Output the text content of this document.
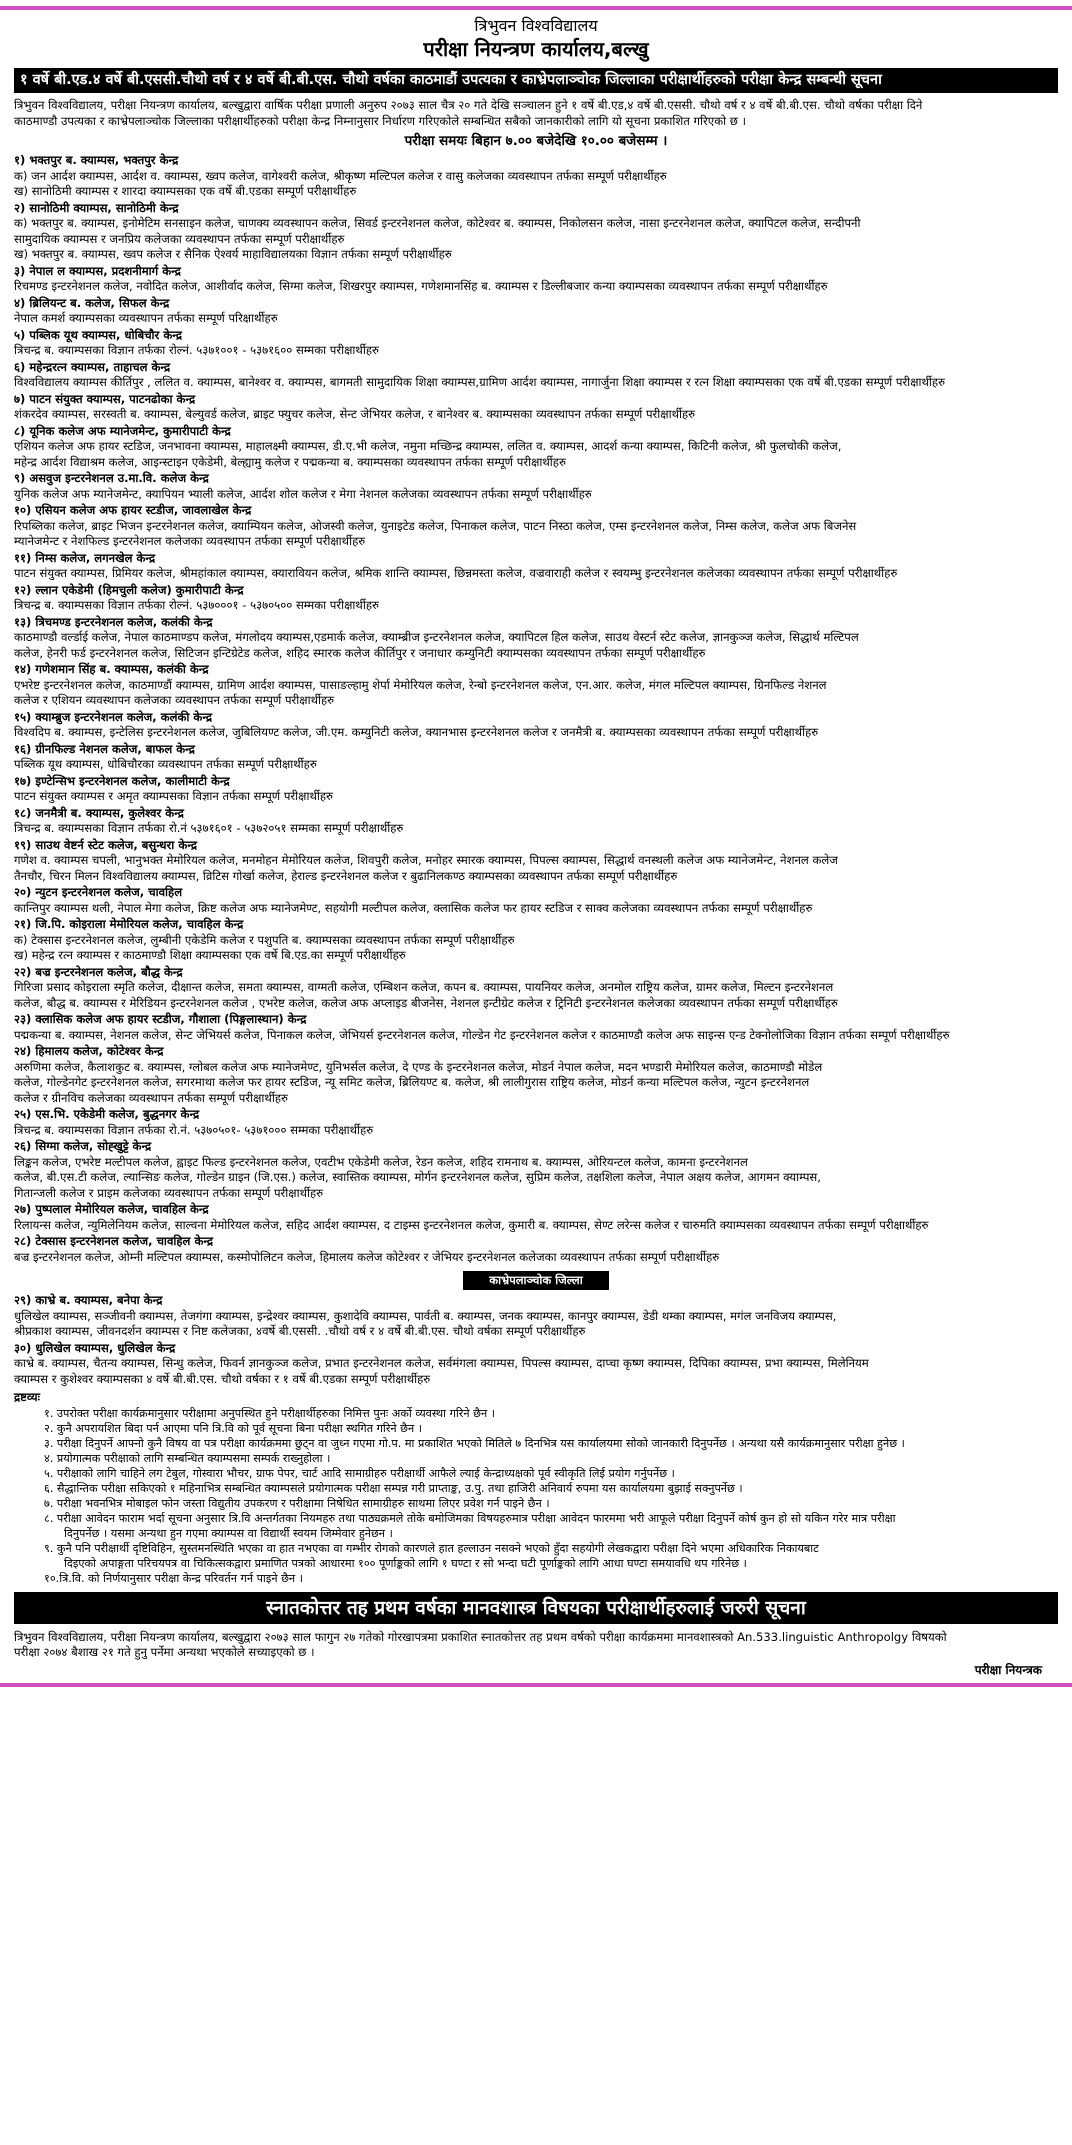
त्रिभुवन विश्वविद्यालय
परीक्षा नियन्त्रण कार्यालय,बल्खु
१ वर्षे बी.एड.४ वर्षे बी.एससी.चौथो वर्ष र ४ वर्षे बी.बी.एस. चौथो वर्षका काठमाडौं उपत्यका र काभ्रेपलाञ्चोक जिल्लाका परीक्षार्थीहरुको परीक्षा केन्द्र सम्बन्धी सूचना
त्रिभुवन विश्वविद्यालय, परीक्षा नियन्त्रण कार्यालय, बल्खुद्वारा वार्षिक परीक्षा प्रणाली अनुरुप २०७३ साल चैत्र २० गते देखि सञ्चालन हुने १ वर्षे बी.एड,४ वर्षे बी.एससी. चौथो वर्ष र ४ वर्षे बी.बी.एस. चौथो वर्षका परीक्षा दिने
काठमाण्डौ उपत्यका र काभ्रेपलाञ्चोक जिल्लाका परीक्षार्थीहरुको परीक्षा केन्द्र निम्नानुसार निर्धारण गरिएकोले सम्बन्धित सबैको जानकारीको लागि यो सूचना प्रकाशित गरिएको छ ।
परीक्षा समयः बिहान ७.०० बजेदेखि १०.०० बजेसम्म ।
१) भक्तपुर ब. क्याम्पस, भक्तपुर केन्द्र
क) जन आर्दश क्याम्पस, आर्दश व. क्याम्पस, ख्वप कलेज, वागेश्वरी कलेज, श्रीकृष्ण मल्टिपल कलेज र वासु कलेजका व्यवस्थापन तर्फका सम्पूर्ण परीक्षार्थीहरु
ख) सानोठिमी क्याम्पस र शारदा क्याम्पसका एक वर्षे बी.एडका सम्पूर्ण परीक्षार्थीहरु
२) सानोठिमी क्याम्पस, सानोठिमी केन्द्र
क) भक्तपुर ब. क्याम्पस, इनोमेटिम सनसाइन कलेज, चाणक्य व्यवस्थापन कलेज, सिवर्ड इन्टरनेशनल कलेज, कोटेश्वर ब. क्याम्पस, निकोलसन कलेज, नासा इन्टरनेशनल कलेज, क्यापिटल कलेज, सन्दीपनी
सामुदायिक क्याम्पस र जनप्रिय कलेजका व्यवस्थापन तर्फका सम्पूर्ण परीक्षार्थीहरु
ख) भक्तपुर ब. क्याम्पस, ख्वप कलेज र सैनिक ऐश्वर्य माहाविद्यालयका विज्ञान तर्फका सम्पूर्ण परीक्षार्थीहरु
३) नेपाल ल क्याम्पस, प्रदशनीमार्ग केन्द्र
रिचमण्ड इन्टरनेशनल कलेज, नवोदित कलेज, आशीर्वाद कलेज, सिग्मा कलेज, शिखरपुर क्याम्पस, गणेशमानसिंह ब. क्याम्पस र डिल्लीबजार कन्या क्याम्पसका व्यवस्थापन तर्फका सम्पूर्ण परीक्षार्थीहरु
४) ब्रिलियन्ट ब. कलेज, सिफल केन्द्र
नेपाल कमर्श क्याम्पसका व्यवस्थापन तर्फका सम्पूर्ण परिक्षार्थीहरु
५) पब्लिक यूथ क्याम्पस, धोबिचौर केन्द्र
त्रिचन्द्र ब. क्याम्पसका विज्ञान तर्फका रोल्नं. ५३७१००१ - ५३७१६०० सम्मका परीक्षार्थीहरु
६) महेन्द्ररत्न क्याम्पस, ताहाचल केन्द्र
विश्वविद्यालय क्याम्पस कीर्तिपुर , ललित व. क्याम्पस, बानेश्वर व. क्याम्पस, बागमती सामुदायिक शिक्षा क्याम्पस,ग्रामिण आर्दश क्याम्पस, नागार्जुना शिक्षा क्याम्पस र रत्न शिक्षा क्याम्पसका एक वर्षे बी.एडका सम्पूर्ण परीक्षार्थीहरु
७) पाटन संयुक्त क्याम्पस, पाटनढोका केन्द्र
शंकरदेव क्याम्पस, सरस्वती ब. क्याम्पस, बेल्युवर्ड कलेज, ब्राइट फ्युचर कलेज, सेन्ट जेभियर कलेज, र बानेश्वर ब. क्याम्पसका व्यवस्थापन तर्फका सम्पूर्ण परीक्षार्थीहरु
८) यूनिक कलेज अफ म्यानेजमेन्ट, कुमारीपाटी केन्द्र
एशियन कलेज अफ हायर स्टडिज, जनभावना क्याम्पस, माहालक्ष्मी क्याम्पस, डी.ए.भी कलेज, नमुना मच्छिन्द्र क्याम्पस, ललित व. क्याम्पस, आदर्श कन्या क्याम्पस, किटिनी कलेज, श्री फुलचोकी कलेज,
महेन्द्र आर्दश विद्याश्रम कलेज, आइन्स्टाइन एकेडेमी, बेल्ह्यामु कलेज र पद्मकन्या ब. क्याम्पसका व्यवस्थापन तर्फका सम्पूर्ण परीक्षार्थीहरु
९) असवुज इन्टरनेशनल उ.मा.वि. कलेज केन्द्र
युनिक कलेज अफ म्यानेजमेन्ट, क्यापियन भ्याली कलेज, आर्दश शोल कलेज र मेगा नेशनल कलेजका व्यवस्थापन तर्फका सम्पूर्ण परीक्षार्थीहरु
१०) एसियन कलेज अफ हायर स्टडीज, जावलाखेल केन्द्र
रिपब्लिका कलेज, ब्राइट भिजन इन्टरनेशनल कलेज, क्याम्पियन कलेज, ओजस्वी कलेज, युनाइटेड कलेज, पिनाकल कलेज, पाटन निस्ठा कलेज, एम्स इन्टरनेशनल कलेज, निम्स कलेज, कलेज अफ बिजनेस
म्यानेजमेन्ट र नेशफिल्ड इन्टरनेशनल कलेजका व्यवस्थापन तर्फका सम्पूर्ण परीक्षार्थीहरु
११) निम्स कलेज, लगनखेल केन्द्र
पाटन संयुक्त क्याम्पस, प्रिमियर कलेज, श्रीमहांकाल क्याम्पस, क्यारावियन कलेज, श्रमिक शान्ति क्याम्पस, छिन्नमस्ता कलेज, वज्रवाराही कलेज र स्वयम्भु इन्टरनेशनल कलेजका व्यवस्थापन तर्फका सम्पूर्ण परीक्षार्थीहरु
१२) ल्लान एकेडेमी (हिमचुली कलेज) कुमारीपाटी केन्द्र
त्रिचन्द्र ब. क्याम्पसका विज्ञान तर्फका रोल्नं. ५३७०००१ - ५३७०५०० सम्मका परीक्षार्थीहरु
१३) त्रिचमण्ड इन्टरनेशनल कलेज, कलंकी केन्द्र
काठमाण्डौ वर्ल्डाई कलेज, नेपाल काठमाण्डप कलेज, मंगलोदय क्याम्पस,एडमार्क कलेज, क्याम्ब्रीज इन्टरनेशनल कलेज, क्यापिटल हिल कलेज, साउथ वेस्टर्न स्टेट कलेज, ज्ञानकुञ्ज कलेज, सिद्धार्थ मल्टिपल
कलेज, हेनरी फर्ड इन्टरनेशनल कलेज, सिटिजन इन्टिग्रेटेड कलेज, शहिद स्मारक कलेज कीर्तिपुर र जनाधार कम्युनिटी क्याम्पसका व्यवस्थापन तर्फका सम्पूर्ण परीक्षार्थीहरु
१४) गणेशमान सिंह ब. क्याम्पस, कलंकी केन्द्र
एभरेष्ट इन्टरनेशनल कलेज, काठमाण्डौं क्याम्पस, ग्रामिण आर्दश क्याम्पस, पासाङल्हामु शेर्पा मेमोरियल कलेज, रेन्बो इन्टरनेशनल कलेज, एन.आर. कलेज, मंगल मल्टिपल क्याम्पस, ग्रिनफिल्ड नेशनल
कलेज र एशियन व्यवस्थापन कलेजका व्यवस्थापन तर्फका सम्पूर्ण परीक्षार्थीहरु
१५) क्याम्ब्रुज इन्टरनेशनल कलेज, कलंकी केन्द्र
विश्वदिप ब. क्याम्पस, इन्टेलिस इन्टरनेशनल कलेज, जुबिलियण्ट कलेज, जी.एम. कम्युनिटी कलेज, क्यानभास इन्टरनेशनल कलेज र जनमैत्री ब. क्याम्पसका व्यवस्थापन तर्फका सम्पूर्ण परीक्षार्थीहरु
१६) ग्रीनफिल्ड नेशनल कलेज, बाफल केन्द्र
पब्लिक यूथ क्याम्पस, धोबिचौरका व्यवस्थापन तर्फका सम्पूर्ण परीक्षार्थीहरु
१७) इण्टेन्सिभ इन्टरनेशनल कलेज, कालीमाटी केन्द्र
पाटन संयुक्त क्याम्पस र अमृत क्याम्पसका विज्ञान तर्फका सम्पूर्ण परीक्षार्थीहरु
१८) जनमैत्री ब. क्याम्पस, कुलेश्वर केन्द्र
त्रिचन्द्र ब. क्याम्पसका विज्ञान तर्फका रो.नं ५३७१६०१ - ५३७२०५१ सम्मका सम्पूर्ण परीक्षार्थीहरु
१९) साउथ वेष्टर्न स्टेट कलेज, बसुन्धरा केन्द्र
गणेश व. क्याम्पस चपली, भानुभक्त मेमोरियल कलेज, मनमोहन मेमोरियल कलेज, शिवपुरी कलेज, मनोहर स्मारक क्याम्पस, पिपल्स क्याम्पस, सिद्धार्थ वनस्थली कलेज अफ म्यानेजमेन्ट, नेशनल कलेज
तैनचौर, चिरन मिलन विश्वविद्यालय क्याम्पस, व्रिटिस गोर्खा कलेज, हेराल्ड इन्टरनेशनल कलेज र बुढानिलकण्ठ क्याम्पसका व्यवस्थापन तर्फका सम्पूर्ण परीक्षार्थीहरु
२०) न्युटन इन्टरनेशनल कलेज, चावहिल
कान्तिपुर क्याम्पस थली, नेपाल मेगा कलेज, क्रिष्ट कलेज अफ म्यानेजमेण्ट, सहयोगी मल्टीपल कलेज, क्लासिक कलेज फर हायर स्टडिज र साक्व कलेजका व्यवस्थापन तर्फका सम्पूर्ण परीक्षार्थीहरु
२१) जि.पि. कोइराला मेमोरियल कलेज, चावहिल केन्द्र
क) टेक्सास इन्टरनेशनल कलेज, लुम्बीनी एकेडेमि कलेज र पशुपति ब. क्याम्पसका व्यवस्थापन तर्फका सम्पूर्ण परीक्षार्थीहरु
ख) महेन्द्र रत्न क्याम्पस र काठमाण्डौ शिक्षा क्याम्पसका एक वर्षे बि.एड.का सम्पूर्ण परीक्षार्थीहरु
२२) बज्र इन्टरनेशनल कलेज, बौद्ध केन्द्र
गिरिजा प्रसाद कोइराला स्मृति कलेज, दीक्षान्त कलेज, समता क्याम्पस, वाग्मती कलेज, एम्बिशन कलेज, कपन ब. क्याम्पस, पायनियर कलेज, अनमोल राष्ट्रिय कलेज, ग्रामर कलेज, मिल्टन इन्टरनेशनल
कलेज, बौद्ध ब. क्याम्पस र मेरिडियन इन्टरनेशनल कलेज , एभरेष्ट कलेज, कलेज अफ अप्लाइड बीजनेस, नेशनल इन्टीग्रेट कलेज र ट्रिनिटी इन्टरनेशनल कलेजका व्यवस्थापन तर्फका सम्पूर्ण परीक्षार्थीहरु
२३) क्लासिक कलेज अफ हायर स्टडीज, गौशाला (पिङ्गलास्थान) केन्द्र
पद्मकन्या ब. क्याम्पस, नेशनल कलेज, सेन्ट जेभियर्स कलेज, पिनाकल कलेज, जेभियर्स इन्टरनेशनल कलेज, गोल्डेन गेट इन्टरनेशनल कलेज र काठमाण्डौ कलेज अफ साइन्स एन्ड टेक्नोलोजिका विज्ञान तर्फका सम्पूर्ण परीक्षार्थीहरु
२४) हिमालय कलेज, कोटेश्वर केन्द्र
अरुणिमा कलेज, कैलाशकुट ब. क्याम्पस, ग्लोबल कलेज अफ म्यानेजमेण्ट, युनिभर्सल कलेज, दे एण्ड के इन्टरनेशनल कलेज, मोडर्न नेपाल कलेज, मदन भण्डारी मेमोरियल कलेज, काठमाण्डौ मोडेल
कलेज, गोल्डेनगेट इन्टरनेशनल कलेज, सगरमाथा कलेज फर हायर स्टडिज, न्यू समिट कलेज, ब्रिलियण्ट ब. कलेज, श्री लालीगुरास राष्ट्रिय कलेज, मोडर्न कन्या मल्टिपल कलेज, न्युटन इन्टरनेशनल
कलेज र ग्रीनविच कलेजका व्यवस्थापन तर्फका सम्पूर्ण परीक्षार्थीहरु
२५) एस.भि. एकेडेमी कलेज, बुद्धनगर केन्द्र
त्रिचन्द्र ब. क्याम्पसका विज्ञान तर्फका रो.नं. ५३७०५०१- ५३७१००० सम्मका परीक्षार्थीहरु
२६) सिग्मा कलेज, सोह्खुट्टे केन्द्र
लिङ्कन कलेज, एभरेष्ट मल्टीपल कलेज, ह्वाइट फिल्ड इन्टरनेशनल कलेज, एवटीभ एकेडेमी कलेज, रेडन कलेज, शहिद रामनाथ ब. क्याम्पस, ओरियन्टल कलेज, कामना इन्टरनेशनल
कलेज, बी.एस.टी कलेज, ल्यान्सिङ कलेज, गोल्डेन ग्राइन (जि.एस.) कलेज, स्वास्तिक क्याम्पस, मोर्गन इन्टरनेशनल कलेज, सुप्रिम कलेज, तक्षशिला कलेज, नेपाल अक्षय कलेज, आगमन क्याम्पस,
गितान्जली कलेज र प्राइम कलेजका व्यवस्थापन तर्फका सम्पूर्ण परीक्षार्थीहरु
२७) पुष्पलाल मेमोरियल कलेज, चावहिल केन्द्र
रिलायन्स कलेज, न्युमिलेनियम कलेज, साल्वना मेमोरियल कलेज, सहिद आर्दश क्याम्पस, द टाइम्स इन्टरनेशनल कलेज, कुमारी ब. क्याम्पस, सेण्ट लरेन्स कलेज र चारुमति क्याम्पसका व्यवस्थापन तर्फका सम्पूर्ण परीक्षार्थीहरु
२८) टेक्सास इन्टरनेशनल कलेज, चावहिल केन्द्र
बज्र इन्टरनेशनल कलेज, ओम्नी मल्टिपल क्याम्पस, कस्मोपोलिटन कलेज, हिमालय कलेज कोटेश्वर र जेभियर इन्टरनेशनल कलेजका व्यवस्थापन तर्फका सम्पूर्ण परीक्षार्थीहरु
काभ्रेपलाञ्चोक जिल्ला
२९) काभ्रे ब. क्याम्पस, बनेपा केन्द्र
धुलिखेल क्याम्पस, सञ्जीवनी क्याम्पस, तेजगंगा क्याम्पस, इन्द्रेश्वर क्याम्पस, कुशादेवि क्याम्पस, पार्वती ब. क्याम्पस, जनक क्याम्पस, कानपुर क्याम्पस, डेडी थम्का क्याम्पस, मगंल जनविजय क्याम्पस,
श्रीप्रकाश क्याम्पस, जीवनदर्शन क्याम्पस र निष्ट कलेजका, ४वर्षे बी.एससी. .चौथो वर्ष र ४ वर्षे बी.बी.एस. चौथो वर्षका सम्पूर्ण परीक्षार्थीहरु
३०) धुलिखेल क्याम्पस, धुलिखेल केन्द्र
काभ्रे ब. क्याम्पस, चैतन्य क्याम्पस, सिन्धु कलेज, फिवर्न ज्ञानकुञ्ज कलेज, प्रभात इन्टरनेशनल कलेज, सर्वमंगला क्याम्पस, पिपल्स क्याम्पस, दाप्चा कृष्ण क्याम्पस, दिपिका क्याम्पस, प्रभा क्याम्पस, मिलेनियम
क्याम्पस र कुशेश्वर क्याम्पसका ४ वर्षे बी.बी.एस. चौथो वर्षका र १ वर्षे बी.एडका सम्पूर्ण परीक्षार्थीहरु
द्रष्टव्यः
१. उपरोक्त परीक्षा कार्यक्रमानुसार परीक्षामा अनुपस्थित हुने परीक्षार्थीहरुका निमित्त पुनः अर्को व्यवस्था गरिने छैन ।
२. कुनै अपरायशित बिदा पर्न आएमा पनि त्रि.वि को पूर्व सूचना बिना परीक्षा स्थगित गरिने छैन ।
३. परीक्षा दिनुपर्ने आफ्नो कुनै विषय वा पत्र परीक्षा कार्यक्रममा छुट्न वा जुध्न गएमा गो.प. मा प्रकाशित भएको मितिले ७ दिनभित्र यस कार्यालयमा सोको जानकारी दिनुपर्नेछ । अन्यथा यसै कार्यक्रमानुसार परीक्षा हुनेछ ।
४. प्रयोगात्मक परीक्षाको लागि सम्बन्धित क्याम्पसमा सम्पर्क राख्नुहोला ।
५. परीक्षाको लागि चाहिने लग टेबुल, गोस्वारा भौचर, ग्राफ पेपर, चार्ट आदि सामाग्रीहरु परीक्षार्थी आफैले ल्याई केन्द्राध्यक्षको पूर्व स्वीकृति लिई प्रयोग गर्नुपर्नेछ ।
६. सैद्धान्तिक परीक्षा सकिएको १ महिनाभित्र सम्बन्धित क्याम्पसले प्रयोगात्मक परीक्षा सम्पन्न गरी प्राप्ताङ्क, उ.पु. तथा हाजिरी अनिवार्य रुपमा यस कार्यालयमा बुझाई सक्नुपर्नेछ ।
७. परीक्षा भवनभित्र मोबाइल फोन जस्ता विद्युतीय उपकरण र परीक्षामा निषेधित सामाग्रीहरु साथमा लिएर प्रवेश गर्न पाइने छैन ।
८. परीक्षा आवेदन फाराम भर्दा सूचना अनुसार त्रि.वि अन्तर्गतका नियमहरु तथा पाठ्यक्रमले तोके बमोजिमका विषयहरुमात्र परीक्षा आवेदन फारममा भरी आफूले परीक्षा दिनुपर्ने कोर्ष कुन हो सो यकिन गरेर मात्र परीक्षा
दिनुपर्नेछ । यसमा अन्यथा हुन गएमा क्याम्पस वा विद्यार्थी स्वयम जिम्मेवार हुनेछन ।
९. कुनै पनि परीक्षार्थी दृष्टिविहिन, सुस्तमनस्थिति भएका वा हात नभएका वा गम्भीर रोगको कारणले हात हल्लाउन नसक्ने भएको हुँदा सहयोगी लेखकद्वारा परीक्षा दिने भएमा अधिकारिक निकायबाट
दिइएको अपाङ्गता परिचयपत्र वा चिकित्सकद्वारा प्रमाणित पत्रको आधारमा १०० पूर्णाङ्कको लागि १ घण्टा र सो भन्दा घटी पूर्णाङ्कको लागि आधा घण्टा समयावधि थप गरिनेछ ।
१०.त्रि.वि. को निर्णयानुसार परीक्षा केन्द्र परिवर्तन गर्न पाइने छैन ।
स्नातकोत्तर तह प्रथम वर्षका मानवशास्त्र विषयका परीक्षार्थीहरुलाई जरुरी सूचना
त्रिभुवन विश्वविद्यालय, परीक्षा नियन्त्रण कार्यालय, बल्खुद्वारा २०७३ साल फागुन २७ गतेको गोरखापत्रमा प्रकाशित स्नातकोत्तर तह प्रथम वर्षको परीक्षा कार्यक्रममा मानवशास्त्रको An.533.linguistic Anthropolgy विषयको
परीक्षा २०७४ बैशाख २१ गते हुनु पर्नेमा अन्यथा भएकोले सच्याइएको छ ।
परीक्षा नियन्त्रक
